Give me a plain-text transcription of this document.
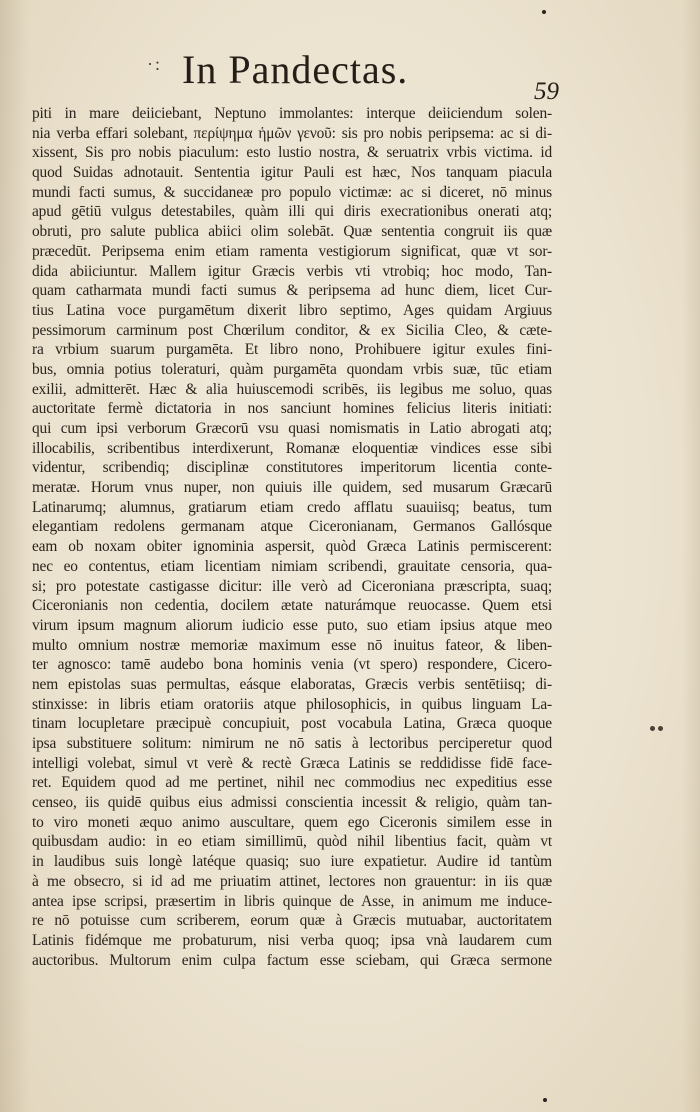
·: In Pandectas.	59
piti in mare deiiciebant, Neptuno immolantes: interque deiiciendum solen-
nia verba effari solebant, περίψημα ἡμῶν γενοῦ: sis pro nobis peripsema: ac si di-
xissent, Sis pro nobis piaculum: esto lustio nostra, & seruatrix vrbis victima. id
quod Suidas adnotauit. Sententia igitur Pauli est hæc, Nos tanquam piacula
mundi facti sumus, & succidaneæ pro populo victimæ: ac si diceret, nō minus
apud gētiū vulgus detestabiles, quàm illi qui diris execrationibus onerati atq;
obruti, pro salute publica abiici olim solebāt. Quæ sententia congruit iis quæ
præcedūt. Peripsema enim etiam ramenta vestigiorum significat, quæ vt sor-
dida abiiciuntur. Mallem igitur Græcis verbis vti vtrobiq; hoc modo, Tan-
quam catharmata mundi facti sumus & peripsema ad hunc diem, licet Cur-
tius Latina voce purgamētum dixerit libro septimo, Ages quidam Argiuus
pessimorum carminum post Chœrilum conditor, & ex Sicilia Cleo, & cæte-
ra vrbium suarum purgamēta. Et libro nono, Prohibuere igitur exules fini-
bus, omnia potius toleraturi, quàm purgamēta quondam vrbis suæ, tūc etiam
exilii, admitterēt. Hæc & alia huiuscemodi scribēs, iis legibus me soluo, quas
auctoritate fermè dictatoria in nos sanciunt homines felicius literis initiati:
qui cum ipsi verborum Græcorū vsu quasi nomismatis in Latio abrogati atq;
illocabilis, scribentibus interdixerunt, Romanæ eloquentiæ vindices esse sibi
videntur, scribendiq; disciplinæ constitutores imperitorum licentia conte-
meratæ. Horum vnus nuper, non quiuis ille quidem, sed musarum Græcarū
Latinarumq; alumnus, gratiarum etiam credo afflatu suauiisq; beatus, tum
elegantiam redolens germanam atque Ciceronianam, Germanos Gallósque
eam ob noxam obiter ignominia aspersit, quòd Græca Latinis permiscerent:
nec eo contentus, etiam licentiam nimiam scribendi, grauitate censoria, qua-
si; pro potestate castigasse dicitur: ille verò ad Ciceroniana præscripta, suaq;
Ciceronianis non cedentia, docilem ætate naturámque reuocasse. Quem etsi
virum ipsum magnum aliorum iudicio esse puto, suo etiam ipsius atque meo
multo omnium nostræ memoriæ maximum esse nō inuitus fateor, & liben-
ter agnosco: tamē audebo bona hominis venia (vt spero) respondere, Cicero-
nem epistolas suas permultas, eásque elaboratas, Græcis verbis sentētiisq; di-
stinxisse: in libris etiam oratoriis atque philosophicis, in quibus linguam La-
tinam locupletare præcipuè concupiuit, post vocabula Latina, Græca quoque
ipsa substituere solitum: nimirum ne nō satis à lectoribus perciperetur quod
intelligi volebat, simul vt verè & rectè Græca Latinis se reddidisse fidē face-
ret. Equidem quod ad me pertinet, nihil nec commodius nec expeditius esse
censeo, iis quidē quibus eius admissi conscientia incessit & religio, quàm tan-
to viro moneti æquo animo auscultare, quem ego Ciceronis similem esse in
quibusdam audio: in eo etiam simillimū, quòd nihil libentius facit, quàm vt
in laudibus suis longè latéque quasiq; suo iure expatietur. Audire id tantùm
à me obsecro, si id ad me priuatim attinet, lectores non grauentur: in iis quæ
antea ipse scripsi, præsertim in libris quinque de Asse, in animum me induce-
re nō potuisse cum scriberem, eorum quæ à Græcis mutuabar, auctoritatem
Latinis fidémque me probaturum, nisi verba quoq; ipsa vnà laudarem cum
auctoribus. Multorum enim culpa factum esse sciebam, qui Græca sermone
